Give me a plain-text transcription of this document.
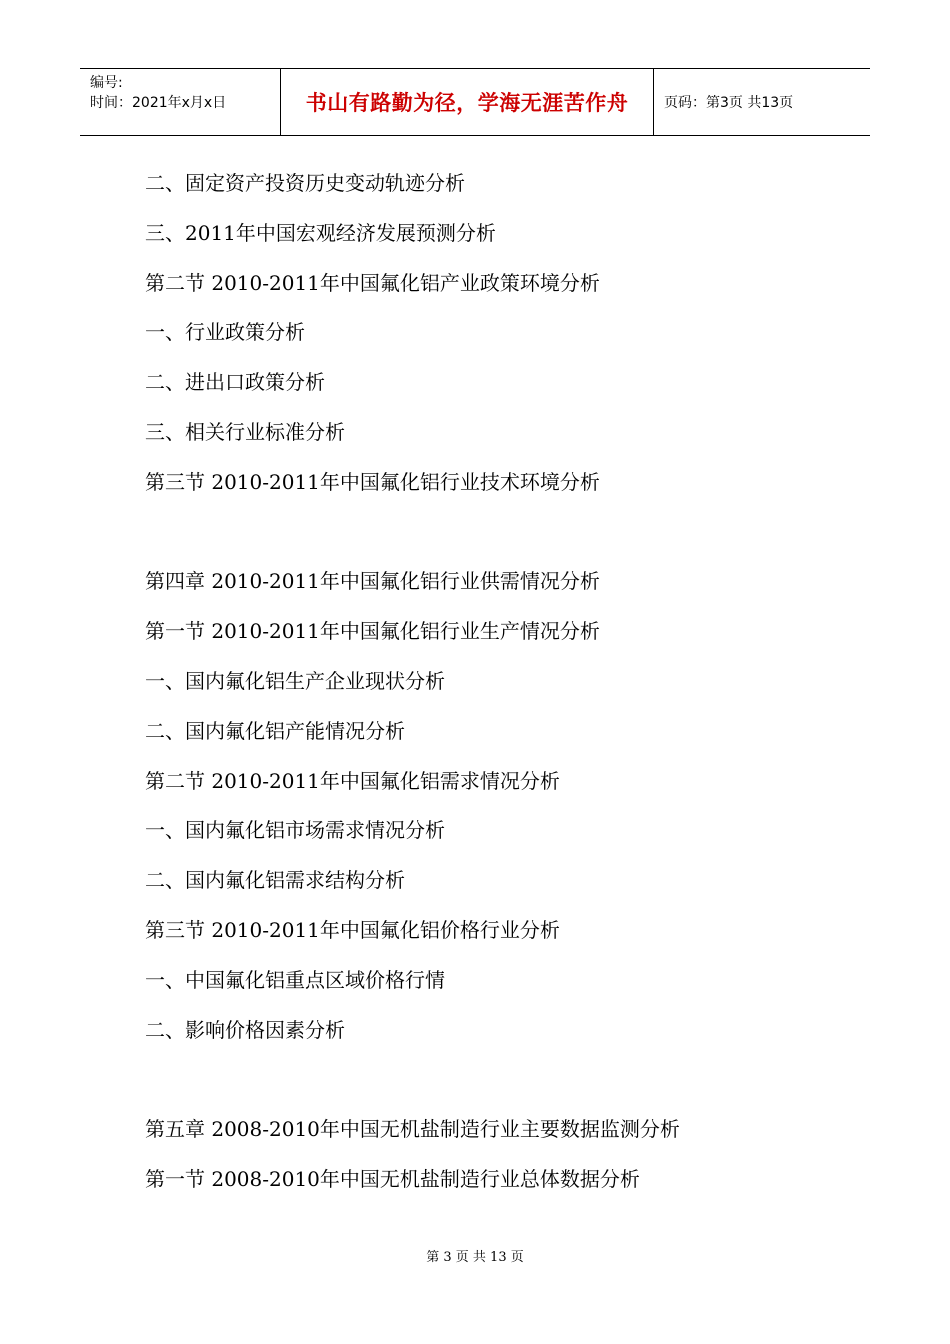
编号:
时间：2021年x月x日	书山有路勤为径，学海无涯苦作舟	页码：第3页 共13页
二、固定资产投资历史变动轨迹分析
三、2011年中国宏观经济发展预测分析
第二节 2010-2011年中国氟化铝产业政策环境分析
一、行业政策分析
二、进出口政策分析
三、相关行业标准分析
第三节 2010-2011年中国氟化铝行业技术环境分析
第四章 2010-2011年中国氟化铝行业供需情况分析
第一节 2010-2011年中国氟化铝行业生产情况分析
一、国内氟化铝生产企业现状分析
二、国内氟化铝产能情况分析
第二节 2010-2011年中国氟化铝需求情况分析
一、国内氟化铝市场需求情况分析
二、国内氟化铝需求结构分析
第三节 2010-2011年中国氟化铝价格行业分析
一、中国氟化铝重点区域价格行情
二、影响价格因素分析
第五章 2008-2010年中国无机盐制造行业主要数据监测分析
第一节 2008-2010年中国无机盐制造行业总体数据分析
第 3 页 共 13 页
